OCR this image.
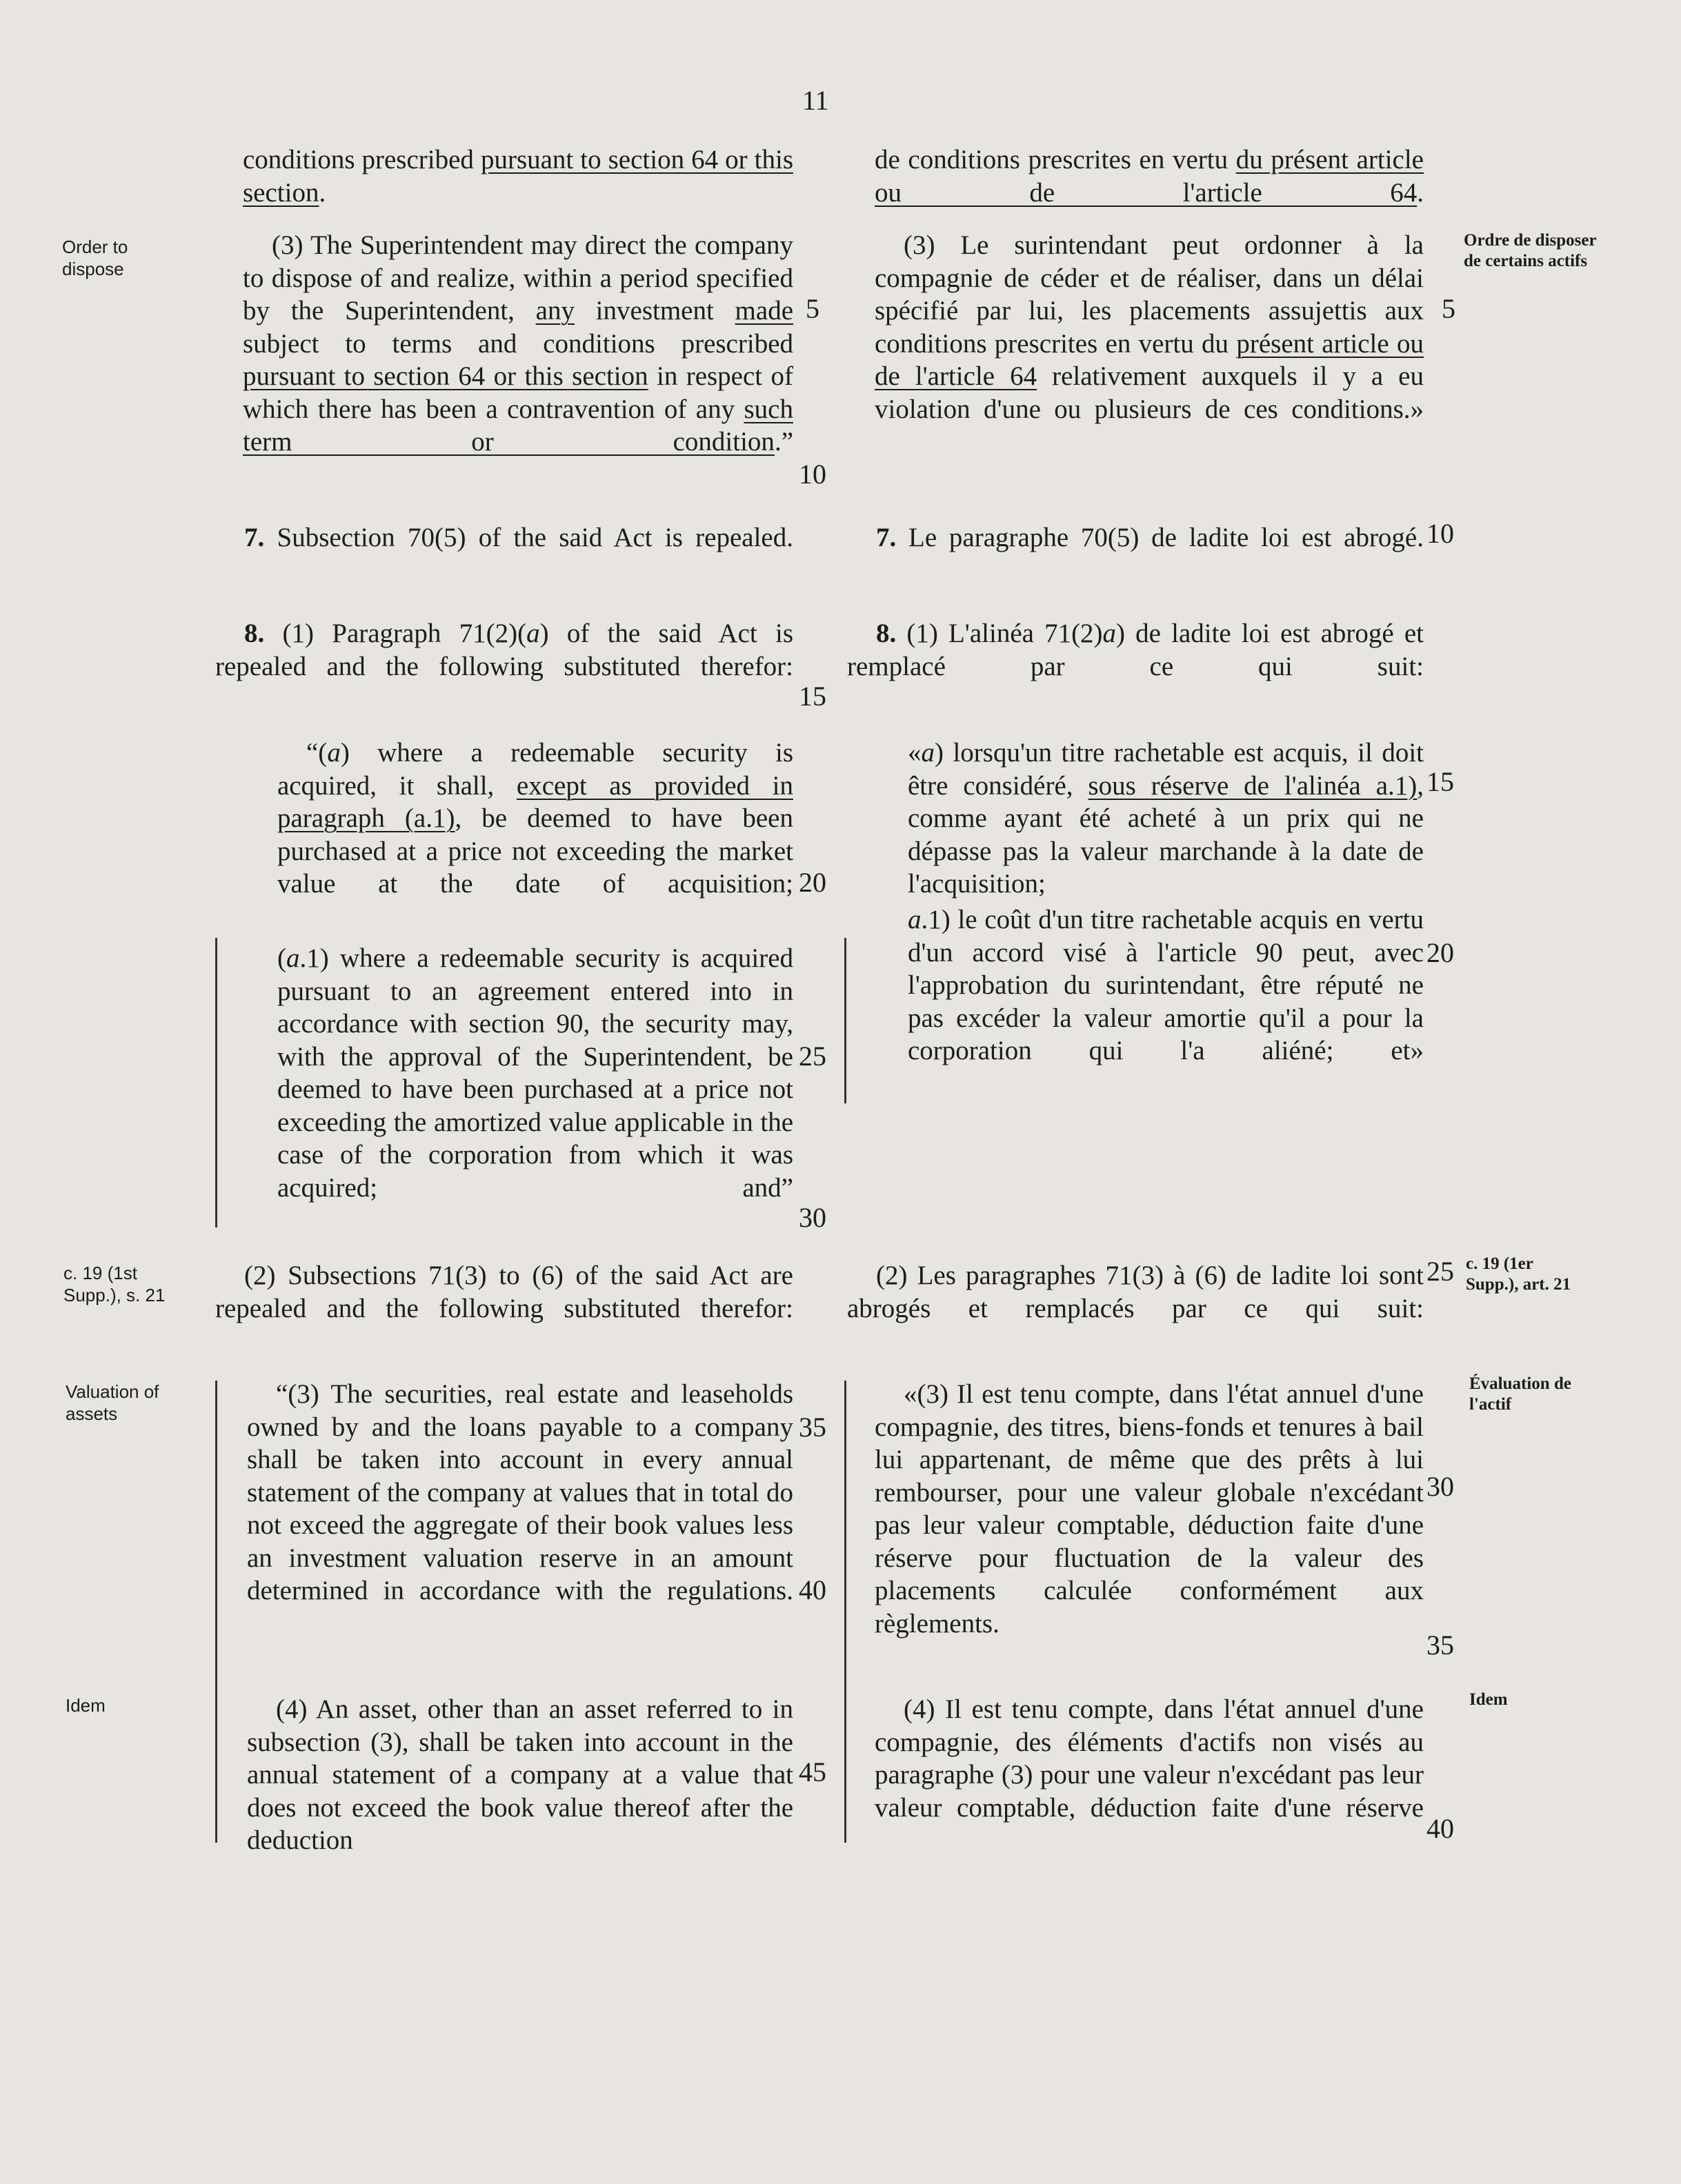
11
Order to dispose
c. 19 (1st Supp.), s. 21
Valuation of assets
Idem
Ordre de disposer de certains actifs
c. 19 (1er Supp.), art. 21
Évaluation de l'actif
Idem

conditions prescribed pursuant to section 64 or this section.

(3) The Superintendent may direct the company to dispose of and realize, within a period specified by the Superintendent, any investment made subject to terms and conditions prescribed pursuant to section 64 or this section in respect of which there has been a contravention of any such term or condition.”

7. Subsection 70(5) of the said Act is repealed.

8. (1) Paragraph 71(2)(a) of the said Act is repealed and the following substituted therefor:

“(a) where a redeemable security is acquired, it shall, except as provided in paragraph (a.1), be deemed to have been purchased at a price not exceeding the market value at the date of acquisition;

(a.1) where a redeemable security is acquired pursuant to an agreement entered into in accordance with section 90, the security may, with the approval of the Superintendent, be deemed to have been purchased at a price not exceeding the amortized value applicable in the case of the corporation from which it was acquired; and”

(2) Subsections 71(3) to (6) of the said Act are repealed and the following substituted therefor:

“(3) The securities, real estate and leaseholds owned by and the loans payable to a company shall be taken into account in every annual statement of the company at values that in total do not exceed the aggregate of their book values less an investment valuation reserve in an amount determined in accordance with the regulations.

(4) An asset, other than an asset referred to in subsection (3), shall be taken into account in the annual statement of a company at a value that does not exceed the book value thereof after the deduction

de conditions prescrites en vertu du présent article ou de l'article 64.

(3) Le surintendant peut ordonner à la compagnie de céder et de réaliser, dans un délai spécifié par lui, les placements assujettis aux conditions prescrites en vertu du présent article ou de l'article 64 relativement auxquels il y a eu violation d'une ou plusieurs de ces conditions.»

7. Le paragraphe 70(5) de ladite loi est abrogé.

8. (1) L'alinéa 71(2)a) de ladite loi est abrogé et remplacé par ce qui suit:

«a) lorsqu'un titre rachetable est acquis, il doit être considéré, sous réserve de l'alinéa a.1), comme ayant été acheté à un prix qui ne dépasse pas la valeur marchande à la date de l'acquisition;

a.1) le coût d'un titre rachetable acquis en vertu d'un accord visé à l'article 90 peut, avec l'approbation du surintendant, être réputé ne pas excéder la valeur amortie qu'il a pour la corporation qui l'a aliéné; et»

(2) Les paragraphes 71(3) à (6) de ladite loi sont abrogés et remplacés par ce qui suit:

«(3) Il est tenu compte, dans l'état annuel d'une compagnie, des titres, biens-fonds et tenures à bail lui appartenant, de même que des prêts à lui rembourser, pour une valeur globale n'excédant pas leur valeur comptable, déduction faite d'une réserve pour fluctuation de la valeur des placements calculée conformément aux règlements.

(4) Il est tenu compte, dans l'état annuel d'une compagnie, des éléments d'actifs non visés au paragraphe (3) pour une valeur n'excédant pas leur valeur comptable, déduction faite d'une réserve

5
10
15
20
25
30
35
40
45
5
10
15
20
25
30
35
40
